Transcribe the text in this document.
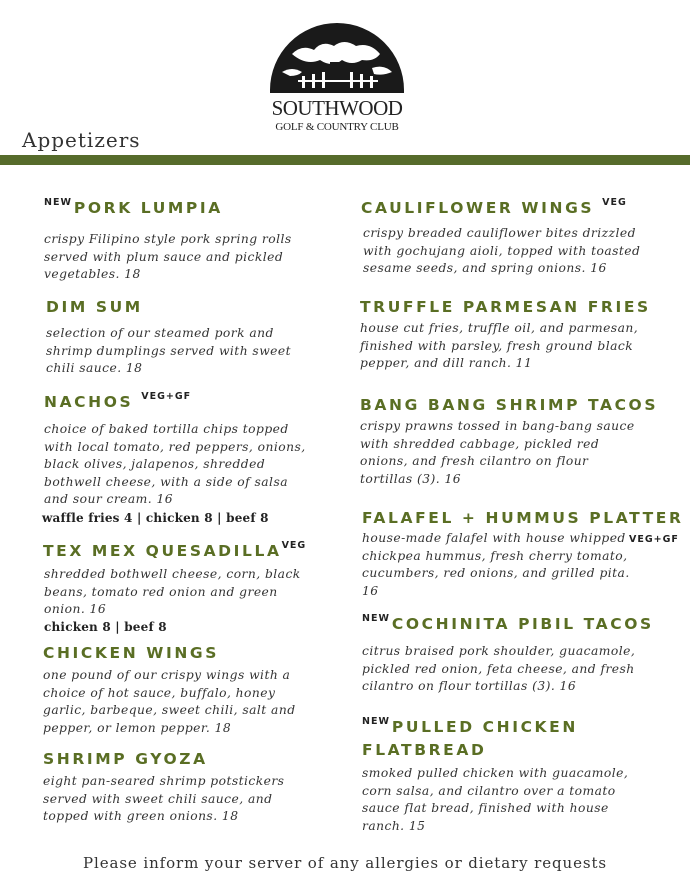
SOUTHWOOD
GOLF & COUNTRY CLUB
Appetizers
$^{NEW}$ PORK LUMPIA
crispy Filipino style pork spring rolls
served with plum sauce and pickled
vegetables. 18
DIM SUM
selection of our steamed pork and
shrimp dumplings served with sweet
chili sauce. 18
NACHOS $^{VEG+GF}$
choice of baked tortilla chips topped
with local tomato, red peppers, onions,
black olives, jalapenos, shredded
bothwell cheese, with a side of salsa
and sour cream. 16
waffle fries 4 | chicken 8 | beef 8
TEX MEX $QUESADILLA^{VEG}$
shredded bothwell cheese, corn, black
beans, tomato red onion and green
onion. 16
chicken 8 | beef 8
CHICKEN WINGS
one pound of our crispy wings with a
choice of hot sauce, buffalo, honey
garlic, barbeque, sweet chili, salt and
pepper, or lemon pepper. 18
SHRIMP GYOZA
eight pan-seared shrimp potstickers
served with sweet chili sauce, and
topped with green onions. 18
CAULIFLOWER WINGS $^{VEG}$
crispy breaded cauliflower bites drizzled
with gochujang aioli, topped with toasted
sesame seeds, and spring onions. 16
TRUFFLE PARMESAN FRIES
house cut fries, truffle oil, and parmesan,
finished with parsley, fresh ground black
pepper, and dill ranch. 11
BANG BANG SHRIMP TACOS
crispy prawns tossed in bang-bang sauce
with shredded cabbage, pickled red
onions, and fresh cilantro on flour
tortillas (3). 16
FALAFEL + HUMMUS PLATTER
VEG+GF
house-made falafel with house whipped
chickpea hummus, fresh cherry tomato,
cucumbers, red onions, and grilled pita.
16
$^{NEW}$ COCHINITA PIBIL TACOS
citrus braised pork shoulder, guacamole,
pickled red onion, feta cheese, and fresh
cilantro on flour tortillas (3). 16
$^{NEW}$ PULLED CHICKEN
FLATBREAD
smoked pulled chicken with guacamole,
corn salsa, and cilantro over a tomato
sauce flat bread, finished with house
ranch. 15
Please inform your server of any allergies or dietary requests
